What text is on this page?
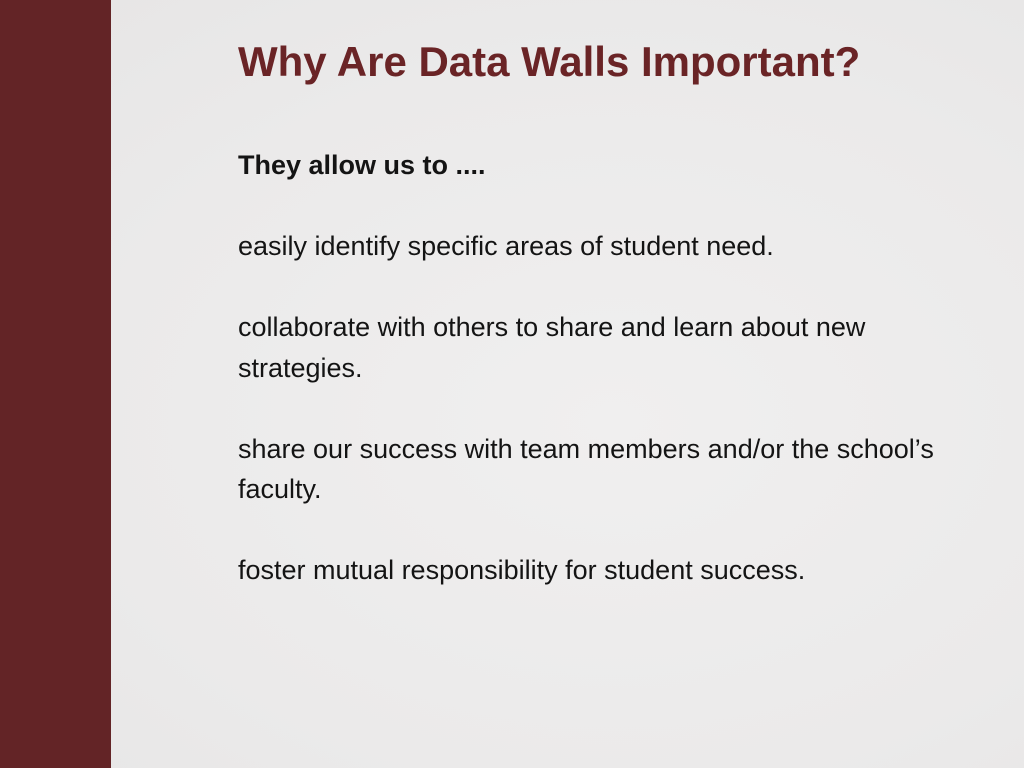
Why Are Data Walls Important?

They allow us to ....

easily identify specific areas of student need.

collaborate with others to share and learn about new strategies.

share our success with team members and/or the school’s faculty.

foster mutual responsibility for student success.
